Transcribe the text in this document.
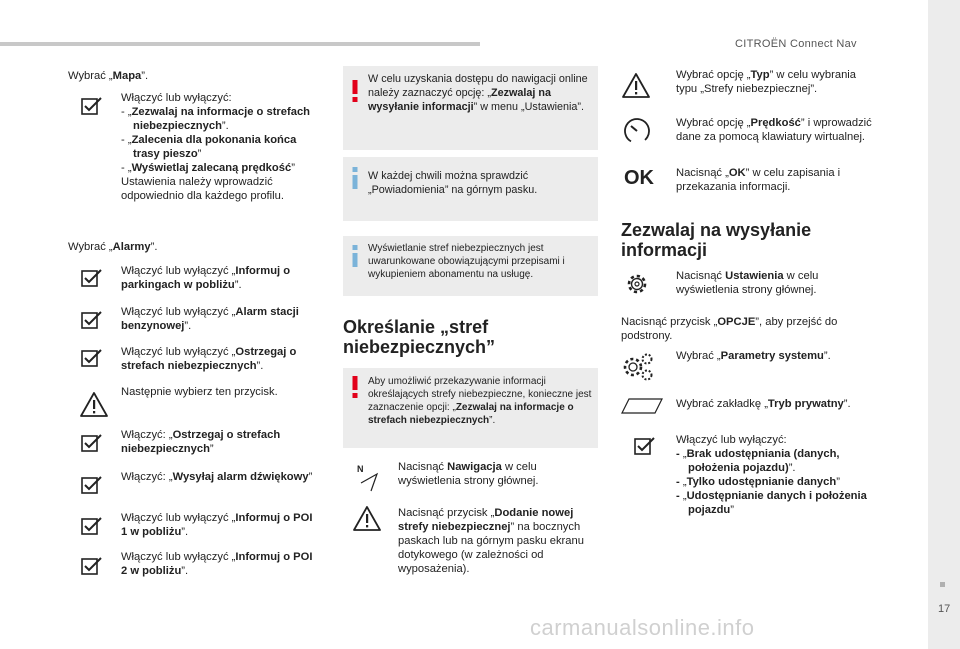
CITROËN Connect Nav
17
carmanualsonline.info
Wybrać „Mapa”.
Włączyć lub wyłączyć:
- „Zezwalaj na informacje o strefach niebezpiecznych”.
- „Zalecenia dla pokonania końca trasy pieszo”
- „Wyświetlaj zalecaną prędkość”
Ustawienia należy wprowadzić odpowiednio dla każdego profilu.
Wybrać „Alarmy”.
Włączyć lub wyłączyć „Informuj o parkingach w pobliżu”.
Włączyć lub wyłączyć „Alarm stacji benzynowej”.
Włączyć lub wyłączyć „Ostrzegaj o strefach niebezpiecznych”.
Następnie wybierz ten przycisk.
Włączyć: „Ostrzegaj o strefach niebezpiecznych”
Włączyć: „Wysyłaj alarm dźwiękowy”
Włączyć lub wyłączyć „Informuj o POI 1 w pobliżu”.
Włączyć lub wyłączyć „Informuj o POI 2 w pobliżu”.
W celu uzyskania dostępu do nawigacji online należy zaznaczyć opcję: „Zezwalaj na wysyłanie informacji” w menu „Ustawienia”.
W każdej chwili można sprawdzić „Powiadomienia” na górnym pasku.
Wyświetlanie stref niebezpiecznych jest uwarunkowane obowiązującymi przepisami i wykupieniem abonamentu na usługę.
Określanie „stref niebezpiecznych”
Aby umożliwić przekazywanie informacji określających strefy niebezpieczne, konieczne jest zaznaczenie opcji: „Zezwalaj na informacje o strefach niebezpiecznych”.
N	Nacisnąć Nawigacja w celu wyświetlenia strony głównej.
Nacisnąć przycisk „Dodanie nowej strefy niebezpiecznej” na bocznych paskach lub na górnym pasku ekranu dotykowego (w zależności od wyposażenia).
Wybrać opcję „Typ” w celu wybrania typu „Strefy niebezpiecznej”.
Wybrać opcję „Prędkość” i wprowadzić dane za pomocą klawiatury wirtualnej.
OK Nacisnąć „OK” w celu zapisania i przekazania informacji.
Zezwalaj na wysyłanie informacji
Nacisnąć Ustawienia w celu wyświetlenia strony głównej.
Nacisnąć przycisk „OPCJE”, aby przejść do podstrony.
Wybrać „Parametry systemu”.
Wybrać zakładkę „Tryb prywatny”.
Włączyć lub wyłączyć:
- „Brak udostępniania (danych, położenia pojazdu)”.
- „Tylko udostępnianie danych”
- „Udostępnianie danych i położenia pojazdu”
